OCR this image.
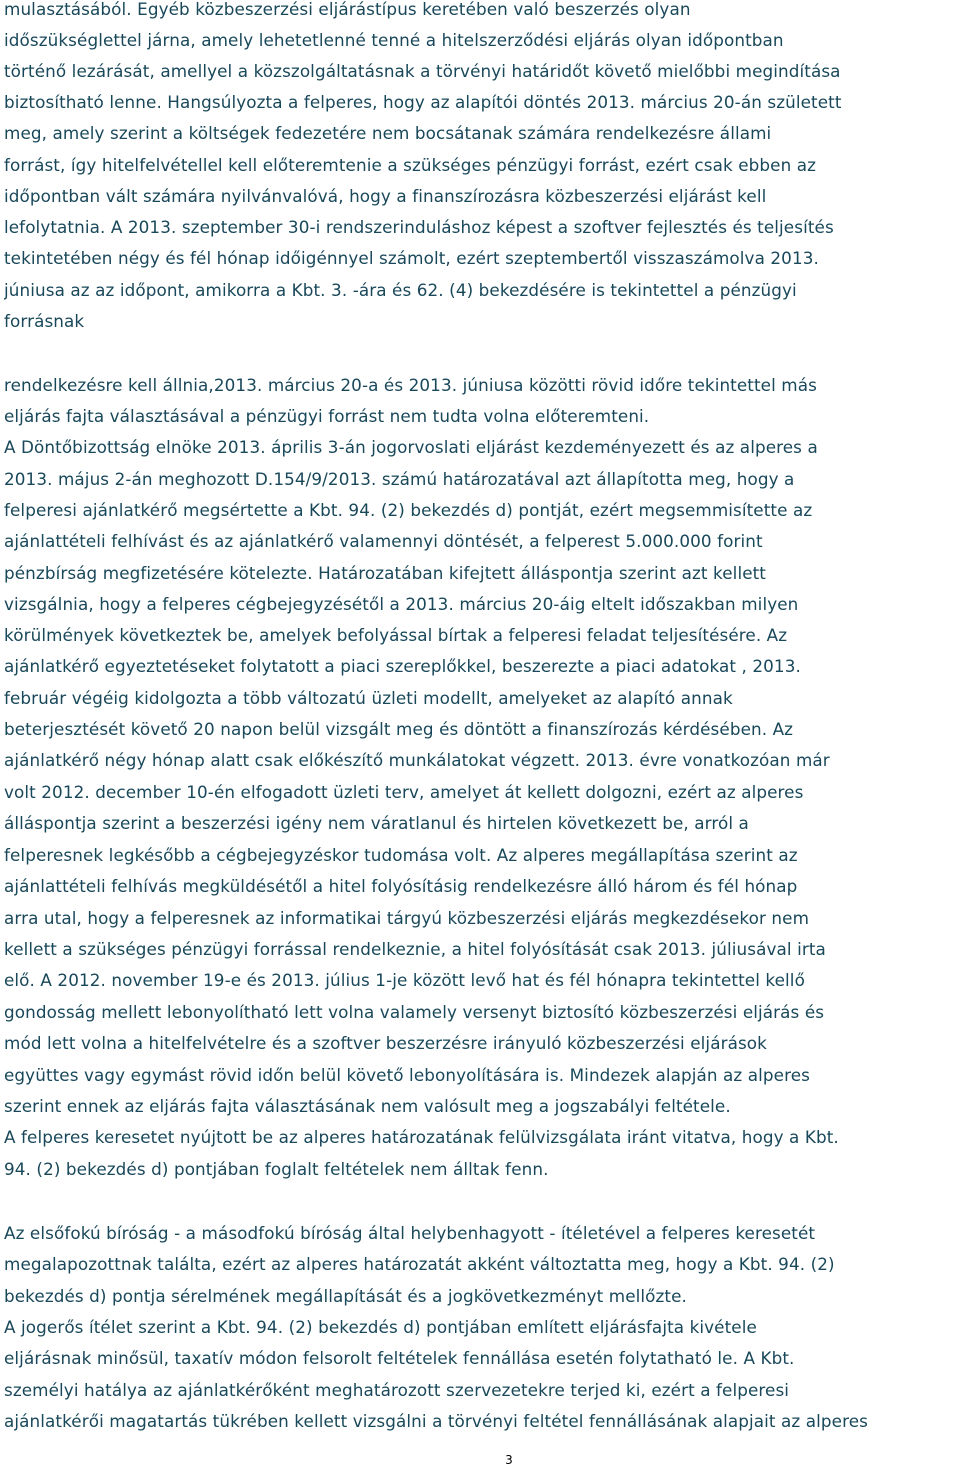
mulasztásából. Egyéb közbeszerzési eljárástípus keretében való beszerzés olyan
időszükséglettel járna, amely lehetetlenné tenné a hitelszerződési eljárás olyan időpontban
történő lezárását, amellyel a közszolgáltatásnak a törvényi határidőt követő mielőbbi megindítása
biztosítható lenne. Hangsúlyozta a felperes, hogy az alapítói döntés 2013. március 20-án született
meg, amely szerint a költségek fedezetére nem bocsátanak számára rendelkezésre állami
forrást, így hitelfelvétellel kell előteremtenie a szükséges pénzügyi forrást, ezért csak ebben az
időpontban vált számára nyilvánvalóvá, hogy a finanszírozásra közbeszerzési eljárást kell
lefolytatnia. A 2013. szeptember 30-i rendszerinduláshoz képest a szoftver fejlesztés és teljesítés
tekintetében négy és fél hónap időigénnyel számolt, ezért szeptembertől visszaszámolva 2013.
júniusa az az időpont, amikorra a Kbt. 3. -ára és 62. (4) bekezdésére is tekintettel a pénzügyi
forrásnak
rendelkezésre kell állnia,2013. március 20-a és 2013. júniusa közötti rövid időre tekintettel más
eljárás fajta választásával a pénzügyi forrást nem tudta volna előteremteni.
A Döntőbizottság elnöke 2013. április 3-án jogorvoslati eljárást kezdeményezett és az alperes a
2013. május 2-án meghozott D.154/9/2013. számú határozatával azt állapította meg, hogy a
felperesi ajánlatkérő megsértette a Kbt. 94. (2) bekezdés d) pontját, ezért megsemmisítette az
ajánlattételi felhívást és az ajánlatkérő valamennyi döntését, a felperest 5.000.000 forint
pénzbírság megfizetésére kötelezte. Határozatában kifejtett álláspontja szerint azt kellett
vizsgálnia, hogy a felperes cégbejegyzésétől a 2013. március 20-áig eltelt időszakban milyen
körülmények következtek be, amelyek befolyással bírtak a felperesi feladat teljesítésére. Az
ajánlatkérő egyeztetéseket folytatott a piaci szereplőkkel, beszerezte a piaci adatokat , 2013.
február végéig kidolgozta a több változatú üzleti modellt, amelyeket az alapító annak
beterjesztését követő 20 napon belül vizsgált meg és döntött a finanszírozás kérdésében. Az
ajánlatkérő négy hónap alatt csak előkészítő munkálatokat végzett. 2013. évre vonatkozóan már
volt 2012. december 10-én elfogadott üzleti terv, amelyet át kellett dolgozni, ezért az alperes
álláspontja szerint a beszerzési igény nem váratlanul és hirtelen következett be, arról a
felperesnek legkésőbb a cégbejegyzéskor tudomása volt. Az alperes megállapítása szerint az
ajánlattételi felhívás megküldésétől a hitel folyósításig rendelkezésre álló három és fél hónap
arra utal, hogy a felperesnek az informatikai tárgyú közbeszerzési eljárás megkezdésekor nem
kellett a szükséges pénzügyi forrással rendelkeznie, a hitel folyósítását csak 2013. júliusával irta
elő. A 2012. november 19-e és 2013. július 1-je között levő hat és fél hónapra tekintettel kellő
gondosság mellett lebonyolítható lett volna valamely versenyt biztosító közbeszerzési eljárás és
mód lett volna a hitelfelvételre és a szoftver beszerzésre irányuló közbeszerzési eljárások
együttes vagy egymást rövid időn belül követő lebonyolítására is. Mindezek alapján az alperes
szerint ennek az eljárás fajta választásának nem valósult meg a jogszabályi feltétele.
A felperes keresetet nyújtott be az alperes határozatának felülvizsgálata iránt vitatva, hogy a Kbt.
94. (2) bekezdés d) pontjában foglalt feltételek nem álltak fenn.
Az elsőfokú bíróság - a másodfokú bíróság által helybenhagyott - ítéletével a felperes keresetét
megalapozottnak találta, ezért az alperes határozatát akként változtatta meg, hogy a Kbt. 94. (2)
bekezdés d) pontja sérelmének megállapítását és a jogkövetkezményt mellőzte.
A jogerős ítélet szerint a Kbt. 94. (2) bekezdés d) pontjában említett eljárásfajta kivétele
eljárásnak minősül, taxatív módon felsorolt feltételek fennállása esetén folytatható le. A Kbt.
személyi hatálya az ajánlatkérőként meghatározott szervezetekre terjed ki, ezért a felperesi
ajánlatkérői magatartás tükrében kellett vizsgálni a törvényi feltétel fennállásának alapjait az alperes
3
